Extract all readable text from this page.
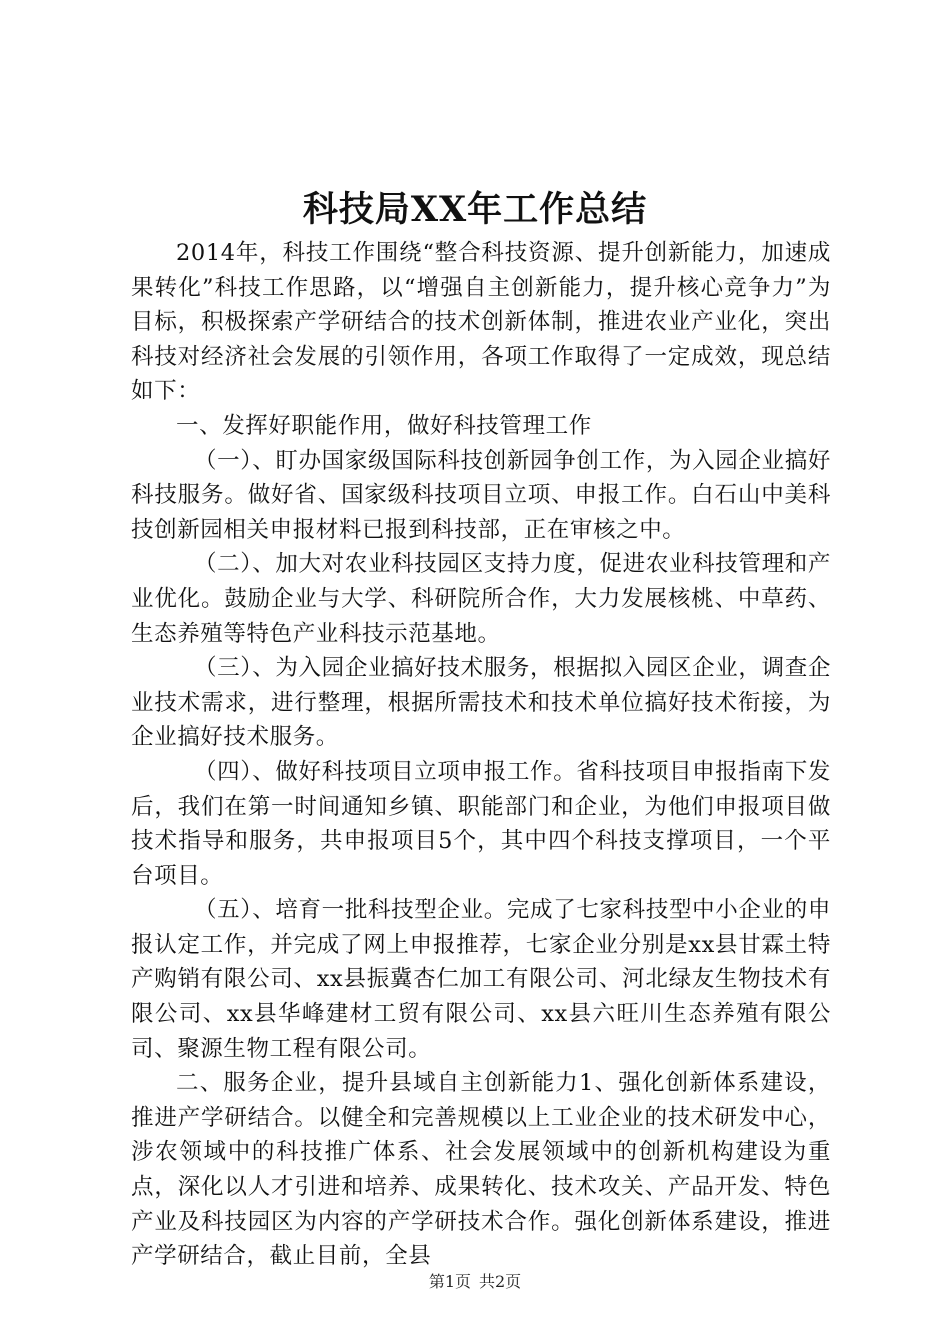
科技局XX年工作总结

2014年，科技工作围绕“整合科技资源、提升创新能力，加速成果转化”科技工作思路，以“增强自主创新能力，提升核心竞争力”为目标，积极探索产学研结合的技术创新体制，推进农业产业化，突出科技对经济社会发展的引领作用，各项工作取得了一定成效，现总结如下：

一、发挥好职能作用，做好科技管理工作

（一）、盯办国家级国际科技创新园争创工作，为入园企业搞好科技服务。做好省、国家级科技项目立项、申报工作。白石山中美科技创新园相关申报材料已报到科技部，正在审核之中。

（二）、加大对农业科技园区支持力度，促进农业科技管理和产业优化。鼓励企业与大学、科研院所合作，大力发展核桃、中草药、生态养殖等特色产业科技示范基地。

（三）、为入园企业搞好技术服务，根据拟入园区企业，调查企业技术需求，进行整理，根据所需技术和技术单位搞好技术衔接，为企业搞好技术服务。

（四）、做好科技项目立项申报工作。省科技项目申报指南下发后，我们在第一时间通知乡镇、职能部门和企业，为他们申报项目做技术指导和服务，共申报项目5个，其中四个科技支撑项目，一个平台项目。

（五）、培育一批科技型企业。完成了七家科技型中小企业的申报认定工作，并完成了网上申报推荐，七家企业分别是xx县甘霖土特产购销有限公司、xx县振冀杏仁加工有限公司、河北绿友生物技术有限公司、xx县华峰建材工贸有限公司、xx县六旺川生态养殖有限公司、聚源生物工程有限公司。

二、服务企业，提升县域自主创新能力1、强化创新体系建设，推进产学研结合。以健全和完善规模以上工业企业的技术研发中心，涉农领域中的科技推广体系、社会发展领域中的创新机构建设为重点，深化以人才引进和培养、成果转化、技术攻关、产品开发、特色产业及科技园区为内容的产学研技术合作。强化创新体系建设，推进产学研结合，截止目前，全县

第1页 共2页
